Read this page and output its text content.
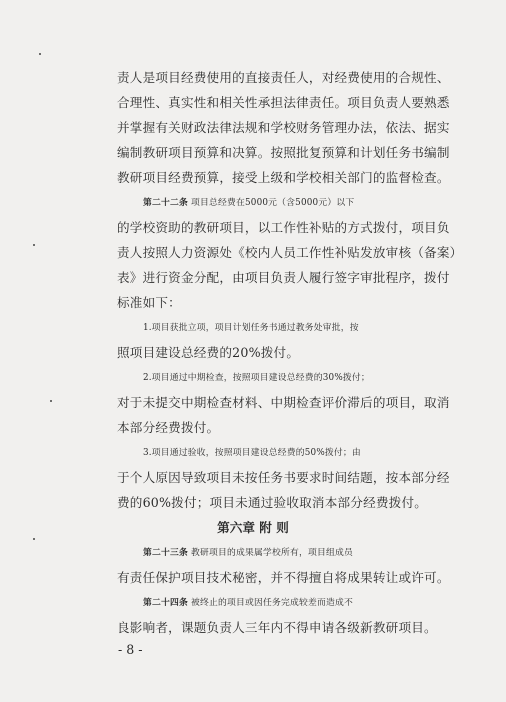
责人是项目经费使用的直接责任人，对经费使用的合规性、
合理性、真实性和相关性承担法律责任。项目负责人要熟悉
并掌握有关财政法律法规和学校财务管理办法，依法、据实
编制教研项目预算和决算。按照批复预算和计划任务书编制
教研项目经费预算，接受上级和学校相关部门的监督检查。
第二十二条 项目总经费在5000元（含5000元）以下
的学校资助的教研项目，以工作性补贴的方式拨付，项目负
责人按照人力资源处《校内人员工作性补贴发放审核（备案）
表》进行资金分配，由项目负责人履行签字审批程序，拨付
标准如下：
1.项目获批立项，项目计划任务书通过教务处审批，按
照项目建设总经费的20%拨付。
2.项目通过中期检查，按照项目建设总经费的30%拨付；
对于未提交中期检查材料、中期检查评价滞后的项目，取消
本部分经费拨付。
3.项目通过验收，按照项目建设总经费的50%拨付；由
于个人原因导致项目未按任务书要求时间结题，按本部分经
费的60%拨付；项目未通过验收取消本部分经费拨付。
第六章 附 则
第二十三条 教研项目的成果属学校所有，项目组成员
有责任保护项目技术秘密，并不得擅自将成果转让或许可。
第二十四条 被终止的项目或因任务完成较差而造成不
良影响者，课题负责人三年内不得申请各级新教研项目。
- 8 -
